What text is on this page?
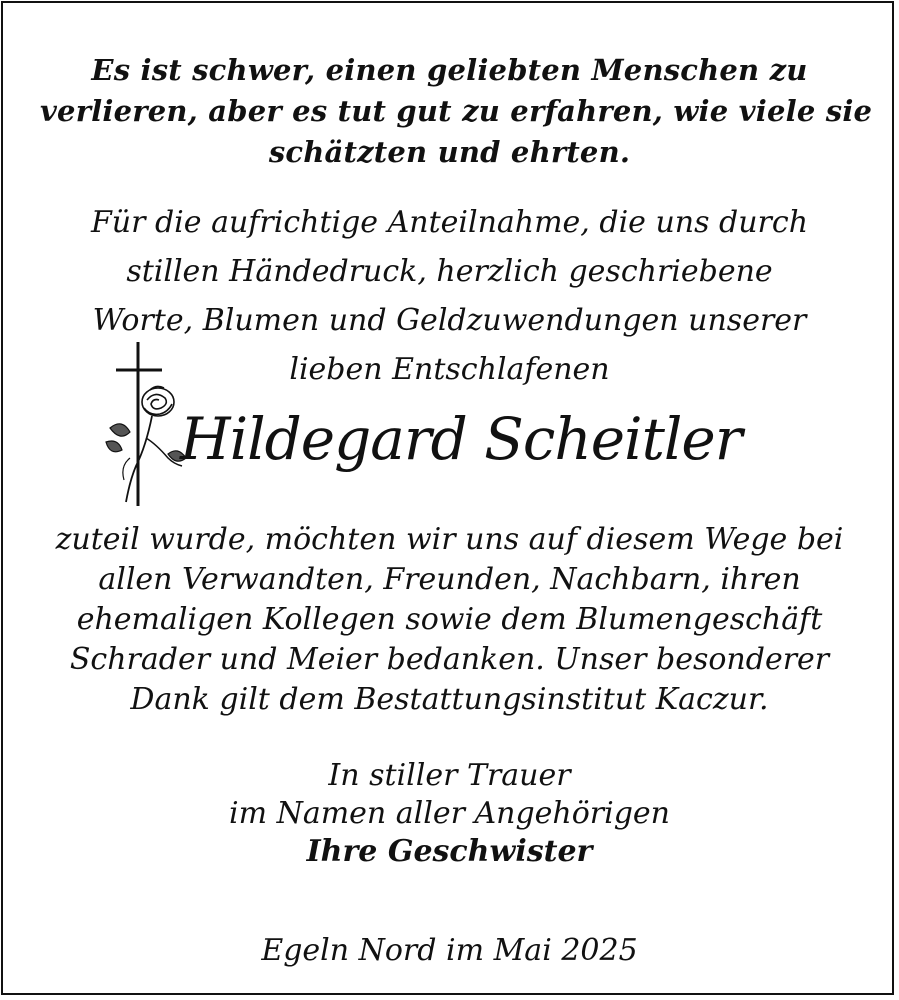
Es ist schwer, einen geliebten Menschen zu
verlieren, aber es tut gut zu erfahren, wie viele sie
schätzten und ehrten.
Für die aufrichtige Anteilnahme, die uns durch
stillen Händedruck, herzlich geschriebene
Worte, Blumen und Geldzuwendungen unserer
lieben Entschlafenen
Hildegard Scheitler
zuteil wurde, möchten wir uns auf diesem Wege bei
allen Verwandten, Freunden, Nachbarn, ihren
ehemaligen Kollegen sowie dem Blumengeschäft
Schrader und Meier bedanken. Unser besonderer
Dank gilt dem Bestattungsinstitut Kaczur.
In stiller Trauer
im Namen aller Angehörigen
Ihre Geschwister
Egeln Nord im Mai 2025
